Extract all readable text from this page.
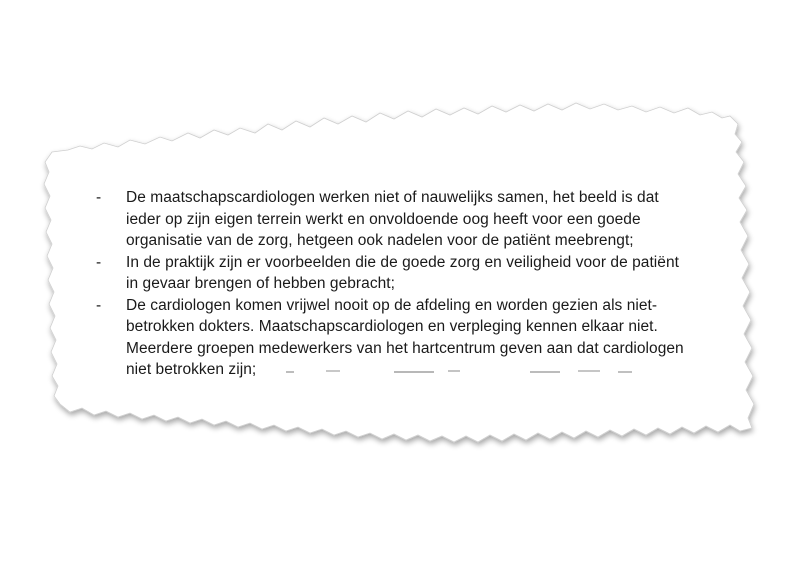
-	De maatschapscardiologen werken niet of nauwelijks samen, het beeld is dat
ieder op zijn eigen terrein werkt en onvoldoende oog heeft voor een goede
organisatie van de zorg, hetgeen ook nadelen voor de patiënt meebrengt;
-	In de praktijk zijn er voorbeelden die de goede zorg en veiligheid voor de patiënt
in gevaar brengen of hebben gebracht;
-	De cardiologen komen vrijwel nooit op de afdeling en worden gezien als niet-
betrokken dokters. Maatschapscardiologen en verpleging kennen elkaar niet.
Meerdere groepen medewerkers van het hartcentrum geven aan dat cardiologen
niet betrokken zijn;
